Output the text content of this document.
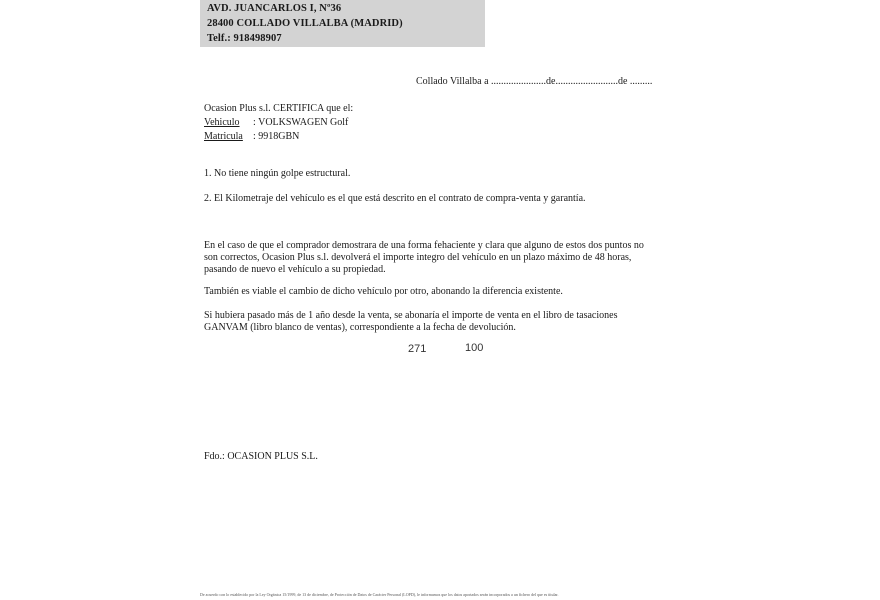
AVD. JUANCARLOS I, Nº36
28400 COLLADO VILLALBA (MADRID)
Telf.: 918498907
Collado Villalba a ......................de.........................de .........
Ocasion Plus s.l. CERTIFICA que el:
Vehiculo : VOLKSWAGEN Golf
Matricula : 9918GBN
1. No tiene ningún golpe estructural.
2. El Kilometraje del vehículo es el que está descrito en el contrato de compra-venta y garantía.
En el caso de que el comprador demostrara de una forma fehaciente y clara que alguno de estos dos puntos no
son correctos, Ocasion Plus s.l. devolverá el importe integro del vehículo en un plazo máximo de 48 horas,
pasando de nuevo el vehículo a su propiedad.
También es viable el cambio de dicho vehículo por otro, abonando la diferencia existente.
Si hubiera pasado más de 1 año desde la venta, se abonaría el importe de venta en el libro de tasaciones
GANVAM (libro blanco de ventas), correspondiente a la fecha de devolución.
271	100
Fdo.: OCASION PLUS S.L.
De acuerdo con lo establecido por la Ley Orgánica 15/1999, de 13 de diciembre, de Protección de Datos de Carácter Personal (LOPD), le informamos que los datos aportados serán incorporados a un fichero del que es titular.
